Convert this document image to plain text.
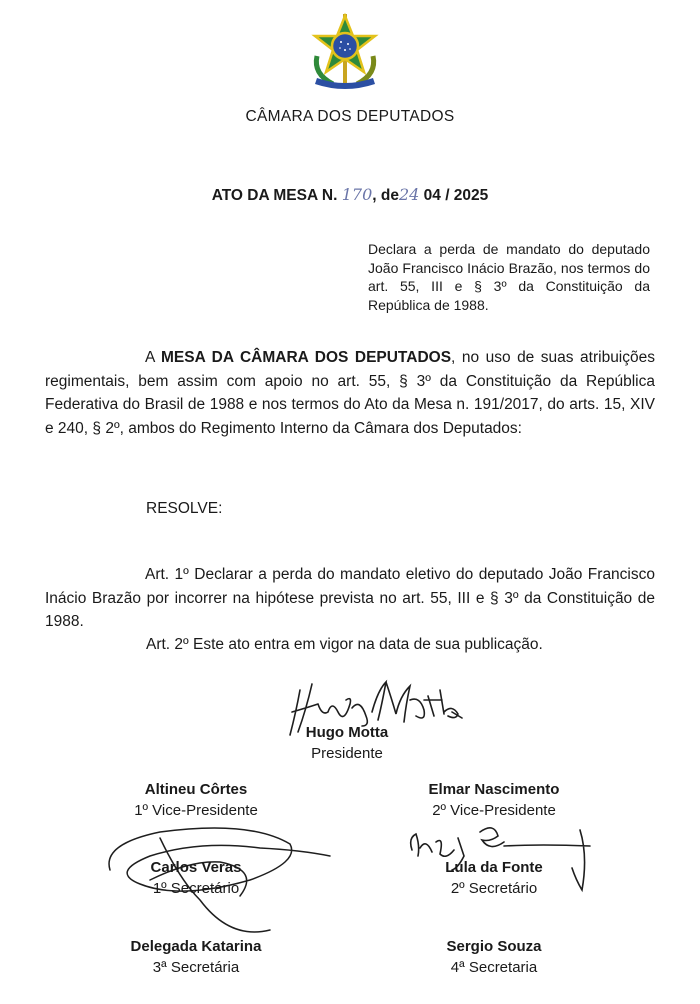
CÂMARA DOS DEPUTADOS
ATO DA MESA N. 170, de24 04 / 2025
Declara a perda de mandato do deputado João Francisco Inácio Brazão, nos termos do art. 55, III e § 3º da Constituição da República de 1988.
A MESA DA CÂMARA DOS DEPUTADOS, no uso de suas atribuições regimentais, bem assim com apoio no art. 55, § 3º da Constituição da República Federativa do Brasil de 1988 e nos termos do Ato da Mesa n. 191/2017, do arts. 15, XIV e 240, § 2º, ambos do Regimento Interno da Câmara dos Deputados:
RESOLVE:
Art. 1º Declarar a perda do mandato eletivo do deputado João Francisco Inácio Brazão por incorrer na hipótese prevista no art. 55, III e § 3º da Constituição de 1988.
Art. 2º Este ato entra em vigor na data de sua publicação.
Hugo Motta
Presidente
Altineu Côrtes
1º Vice-Presidente
Elmar Nascimento
2º Vice-Presidente
Carlos Veras
1º Secretário
Lula da Fonte
2º Secretário
Delegada Katarina
3ª Secretária
Sergio Souza
4ª Secretaria
